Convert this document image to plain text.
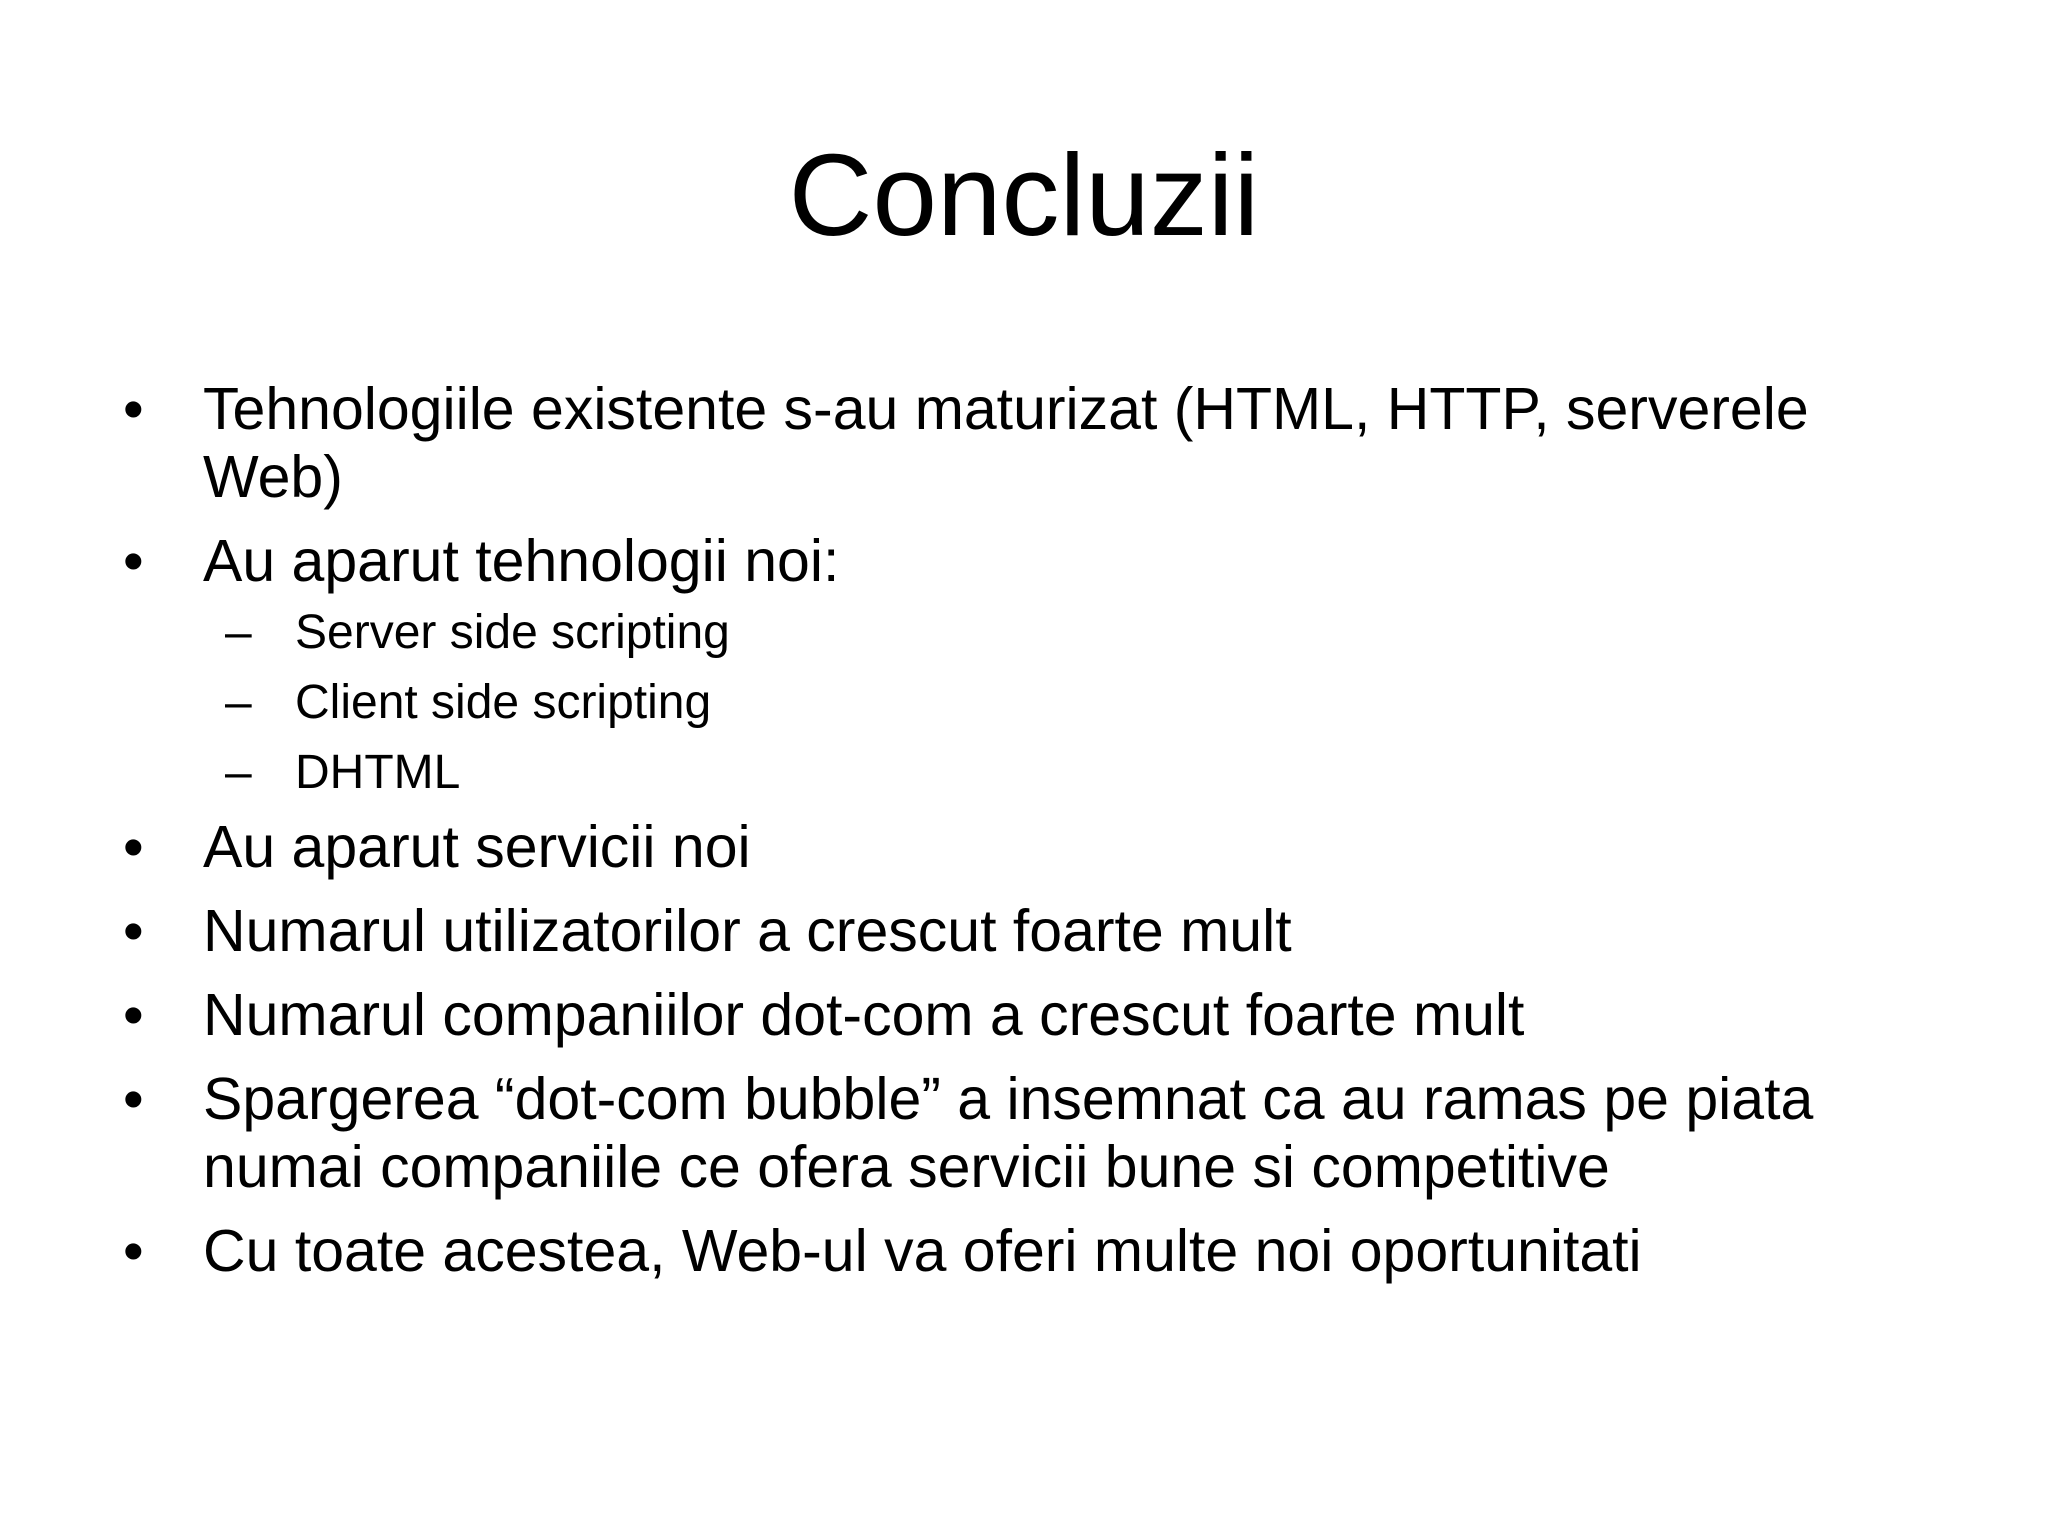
Concluzii
• Tehnologiile existente s-au maturizat (HTML, HTTP, serverele Web)
• Au aparut tehnologii noi:
– Server side scripting
– Client side scripting
– DHTML
• Au aparut servicii noi
• Numarul utilizatorilor a crescut foarte mult
• Numarul companiilor dot-com a crescut foarte mult
• Spargerea “dot-com bubble” a insemnat ca au ramas pe piata numai companiile ce ofera servicii bune si competitive
• Cu toate acestea, Web-ul va oferi multe noi oportunitati
